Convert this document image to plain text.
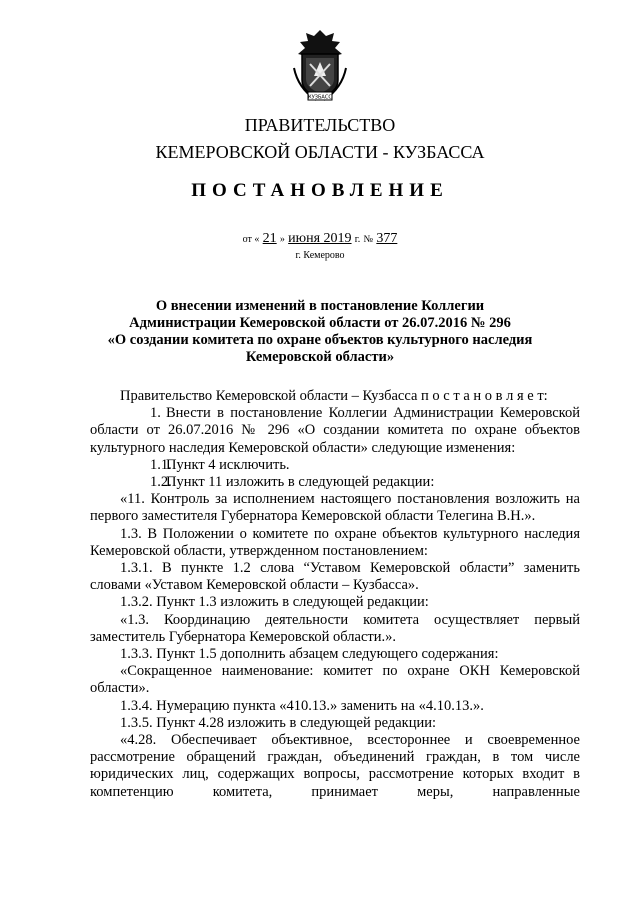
КУЗБАСС
ПРАВИТЕЛЬСТВО
КЕМЕРОВСКОЙ ОБЛАСТИ - КУЗБАССА
ПОСТАНОВЛЕНИЕ
от « 21 » июня 2019 г. № 377
г. Кемерово
О внесении изменений в постановление Коллегии
Администрации Кемеровской области от 26.07.2016 № 296
«О создании комитета по охране объектов культурного наследия
Кемеровской области»

Правительство Кемеровской области – Кузбасса п о с т а н о в л я е т:

1. Внести в постановление Коллегии Администрации Кемеровской области от 26.07.2016 № 296 «О создании комитета по охране объектов культурного наследия Кемеровской области» следующие изменения:

1.1.Пункт 4 исключить.

1.2.Пункт 11 изложить в следующей редакции:

«11. Контроль за исполнением настоящего постановления возложить на первого заместителя Губернатора Кемеровской области Телегина В.Н.».

1.3. В Положении о комитете по охране объектов культурного наследия Кемеровской области, утвержденном постановлением:

1.3.1. В пункте 1.2 слова “Уставом Кемеровской области” заменить словами «Уставом Кемеровской области – Кузбасса».

1.3.2. Пункт 1.3 изложить в следующей редакции:

«1.3. Координацию деятельности комитета осуществляет первый заместитель Губернатора Кемеровской области.».

1.3.3. Пункт 1.5 дополнить абзацем следующего содержания:

«Сокращенное наименование: комитет по охране ОКН Кемеровской области».

1.3.4. Нумерацию пункта «410.13.» заменить на «4.10.13.».

1.3.5. Пункт 4.28 изложить в следующей редакции:

«4.28. Обеспечивает объективное, всестороннее и своевременное рассмотрение обращений граждан, объединений граждан, в том числе юридических лиц, содержащих вопросы, рассмотрение которых входит в компетенцию комитета, принимает меры, направленные
